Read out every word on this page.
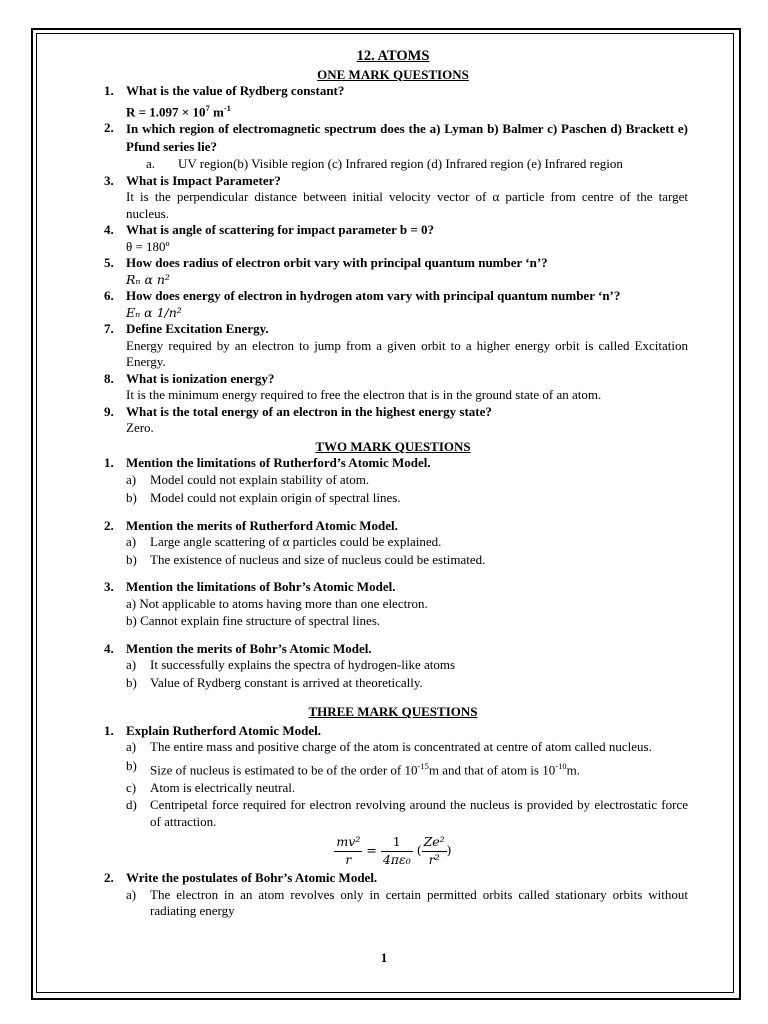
12. ATOMS
ONE MARK QUESTIONS
1. What is the value of Rydberg constant?
$R = 1.097 \times 10^7$ $m^{-1}$
2. In which region of electromagnetic spectrum does the a) Lyman b) Balmer c) Paschen d) Brackett e) Pfund series lie?
a. UV region(b) Visible region (c) Infrared region (d) Infrared region (e) Infrared region
3. What is Impact Parameter?
It is the perpendicular distance between initial velocity vector of α particle from centre of the target nucleus.
4. What is angle of scattering for impact parameter b = 0?
θ = 180º
5. How does radius of electron orbit vary with principal quantum number ‘n’?
Rₙ α n²
6. How does energy of electron in hydrogen atom vary with principal quantum number ‘n’?
Eₙ α 1/n²
7. Define Excitation Energy.
Energy required by an electron to jump from a given orbit to a higher energy orbit is called Excitation Energy.
8. What is ionization energy?
It is the minimum energy required to free the electron that is in the ground state of an atom.
9. What is the total energy of an electron in the highest energy state?
Zero.
TWO MARK QUESTIONS
1. Mention the limitations of Rutherford’s Atomic Model.
a) Model could not explain stability of atom.
b) Model could not explain origin of spectral lines.
2. Mention the merits of Rutherford Atomic Model.
a) Large angle scattering of α particles could be explained.
b) The existence of nucleus and size of nucleus could be estimated.
3. Mention the limitations of Bohr’s Atomic Model.
a) Not applicable to atoms having more than one electron.
b) Cannot explain fine structure of spectral lines.
4. Mention the merits of Bohr’s Atomic Model.
a) It successfully explains the spectra of hydrogen-like atoms
b) Value of Rydberg constant is arrived at theoretically.
THREE MARK QUESTIONS
1. Explain Rutherford Atomic Model.
a) The entire mass and positive charge of the atom is concentrated at centre of atom called nucleus.
b) Size of nucleus is estimated to be of the order of $10^{-15}m$ and that of atom is $10^{-10}m$.
c) Atom is electrically neutral.
d) Centripetal force required for electron revolving around the nucleus is provided by electrostatic force of attraction.
mv²
r = 1
4πε₀ (Ze²
r²)
2. Write the postulates of Bohr’s Atomic Model.
a) The electron in an atom revolves only in certain permitted orbits called stationary orbits without radiating energy
1
